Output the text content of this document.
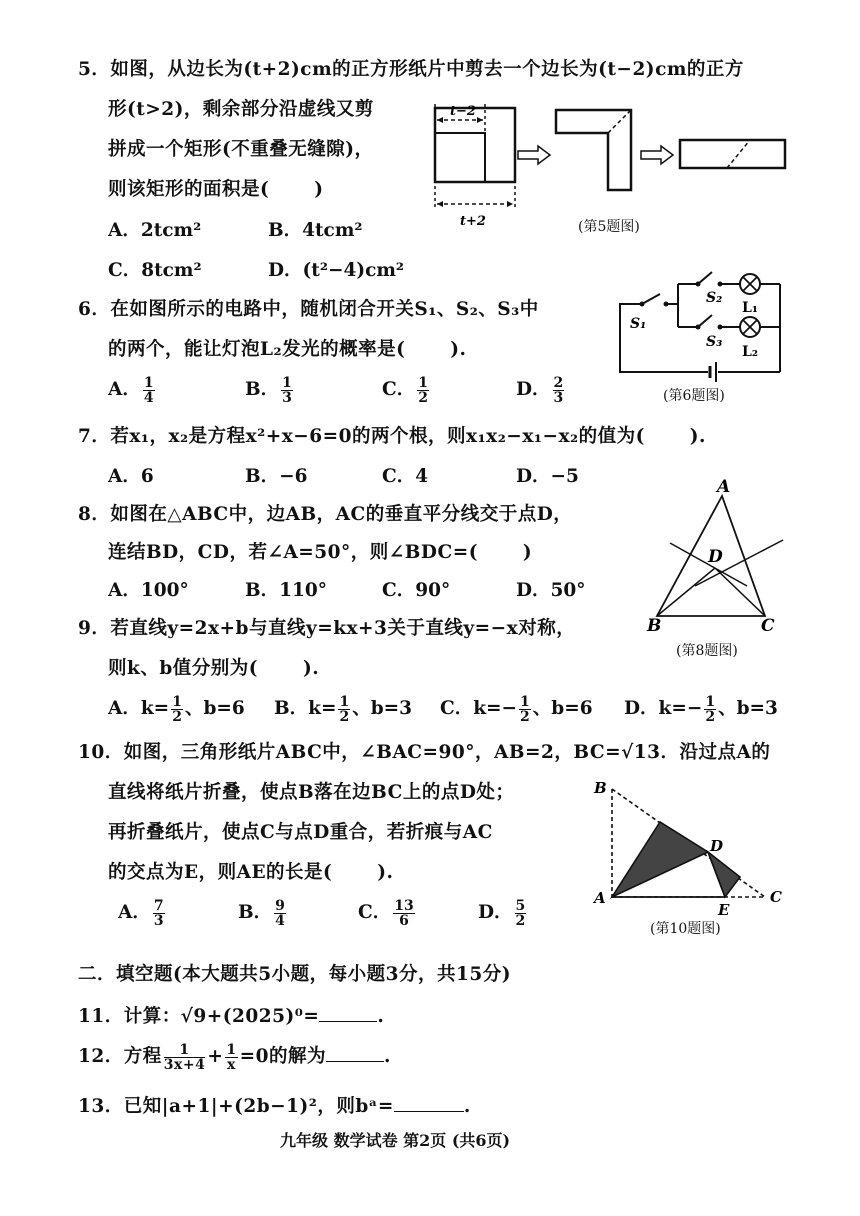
5．如图，从边长为(t+2)cm的正方形纸片中剪去一个边长为(t−2)cm的正方
形(t>2)，剩余部分沿虚线又剪
拼成一个矩形(不重叠无缝隙)，
则该矩形的面积是(　　 )
A．2tcm²	B．4tcm²
C．8tcm²	D．(t²−4)cm²
t−2
t+2	(第5题图)
6．在如图所示的电路中，随机闭合开关S₁、S₂、S₃中
的两个，能让灯泡L₂发光的概率是(　　 ).
A． $\frac{1}{4}$	B． $\frac{1}{3}$	C． $\frac{1}{2}$	D． $\frac{2}{3}$
S₁
S₂
S₃
L₁
L₂
(第6题图)
7．若x₁，x₂是方程x²+x−6=0的两个根，则x₁x₂−x₁−x₂的值为(　　 ).
A．6	B．−6	C．4	D．−5
8．如图在△ABC中，边AB，AC的垂直平分线交于点D，
连结BD，CD，若∠A=50°，则∠BDC=(　　 )
A．100°	B．110°	C．90°	D．50°
A
B	C
D
(第8题图)
9．若直线y=2x+b与直线y=kx+3关于直线y=−x对称，
则k、b值分别为(　　 ).
A．$k= \frac{1}{2}$ 、b=6 B．$k= \frac{1}{2}$ 、b=3 C．$k=- \frac{1}{2}$ 、b=6 D．$k=- \frac{1}{2}$ 、b=3
10．如图，三角形纸片ABC中，∠BAC=90°，AB=2，BC=√13．沿过点A的
直线将纸片折叠，使点B落在边BC上的点D处；
再折叠纸片，使点C与点D重合，若折痕与AC
的交点为E，则AE的长是(　　 ).
A． $\frac{7}{3}$	B． $\frac{9}{4}$	C． $\frac{13}{6}$	D． $\frac{5}{2}$
B
D
A	C
E
(第10题图)
二．填空题(本大题共5小题，每小题3分，共15分)
11．计算：√9+(2025)⁰=	.
12．方程 $\frac{1}{3x+4} + \frac{1}{x} =0$的解为	.
13．已知|a+1|+(2b−1)²，则bᵃ=	.
九年级 数学试卷 第2页 (共6页)
